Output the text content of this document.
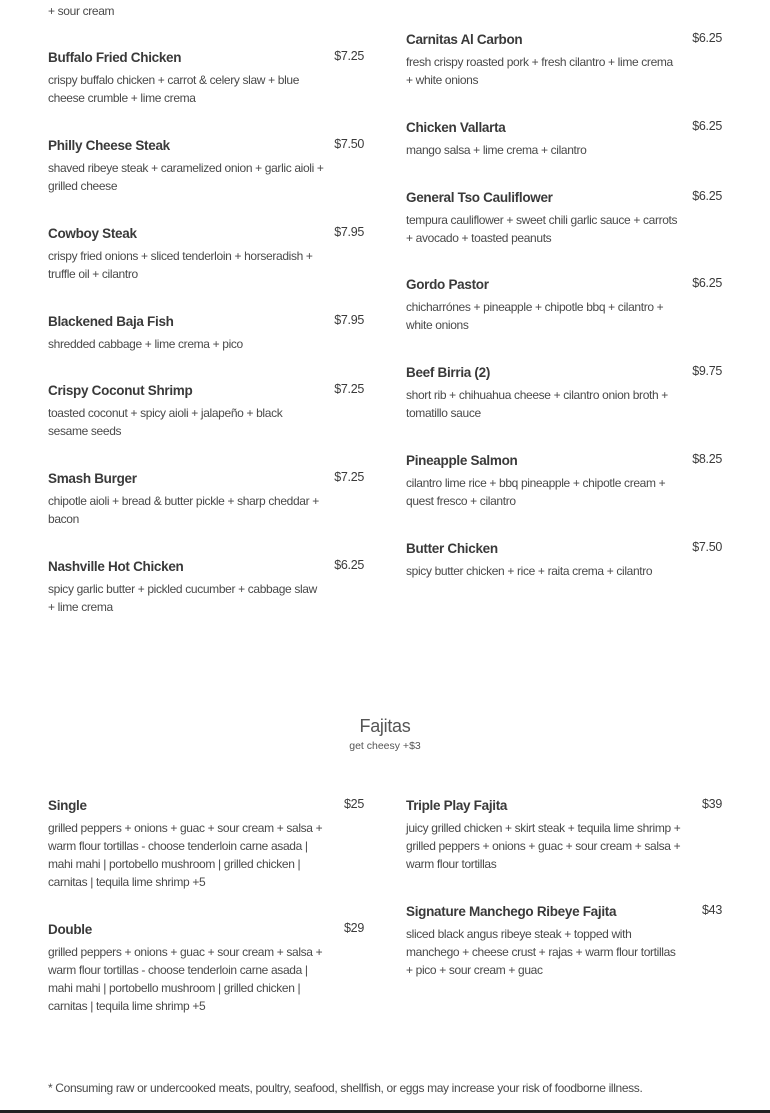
+ sour cream
Buffalo Fried Chicken	$7.25
crispy buffalo chicken + carrot & celery slaw + blue cheese crumble + lime crema
Philly Cheese Steak	$7.50
shaved ribeye steak + caramelized onion + garlic aioli + grilled cheese
Cowboy Steak	$7.95
crispy fried onions + sliced tenderloin + horseradish + truffle oil + cilantro
Blackened Baja Fish	$7.95
shredded cabbage + lime crema + pico
Crispy Coconut Shrimp	$7.25
toasted coconut + spicy aioli + jalapeño + black sesame seeds
Smash Burger	$7.25
chipotle aioli + bread & butter pickle + sharp cheddar + bacon
Nashville Hot Chicken	$6.25
spicy garlic butter + pickled cucumber + cabbage slaw + lime crema
Carnitas Al Carbon	$6.25
fresh crispy roasted pork + fresh cilantro + lime crema + white onions
Chicken Vallarta	$6.25
mango salsa + lime crema + cilantro
General Tso Cauliflower	$6.25
tempura cauliflower + sweet chili garlic sauce + carrots + avocado + toasted peanuts
Gordo Pastor	$6.25
chicharrónes + pineapple + chipotle bbq + cilantro + white onions
Beef Birria (2)	$9.75
short rib + chihuahua cheese + cilantro onion broth + tomatillo sauce
Pineapple Salmon	$8.25
cilantro lime rice + bbq pineapple + chipotle cream + quest fresco + cilantro
Butter Chicken	$7.50
spicy butter chicken + rice + raita crema + cilantro
Fajitas
get cheesy +$3
Single	$25
grilled peppers + onions + guac + sour cream + salsa + warm flour tortillas - choose tenderloin carne asada | mahi mahi | portobello mushroom | grilled chicken | carnitas | tequila lime shrimp +5
Double	$29
grilled peppers + onions + guac + sour cream + salsa + warm flour tortillas - choose tenderloin carne asada | mahi mahi | portobello mushroom | grilled chicken | carnitas | tequila lime shrimp +5
Triple Play Fajita	$39
juicy grilled chicken + skirt steak + tequila lime shrimp + grilled peppers + onions + guac + sour cream + salsa + warm flour tortillas
Signature Manchego Ribeye Fajita	$43
sliced black angus ribeye steak + topped with manchego + cheese crust + rajas + warm flour tortillas + pico + sour cream + guac
* Consuming raw or undercooked meats, poultry, seafood, shellfish, or eggs may increase your risk of foodborne illness.
